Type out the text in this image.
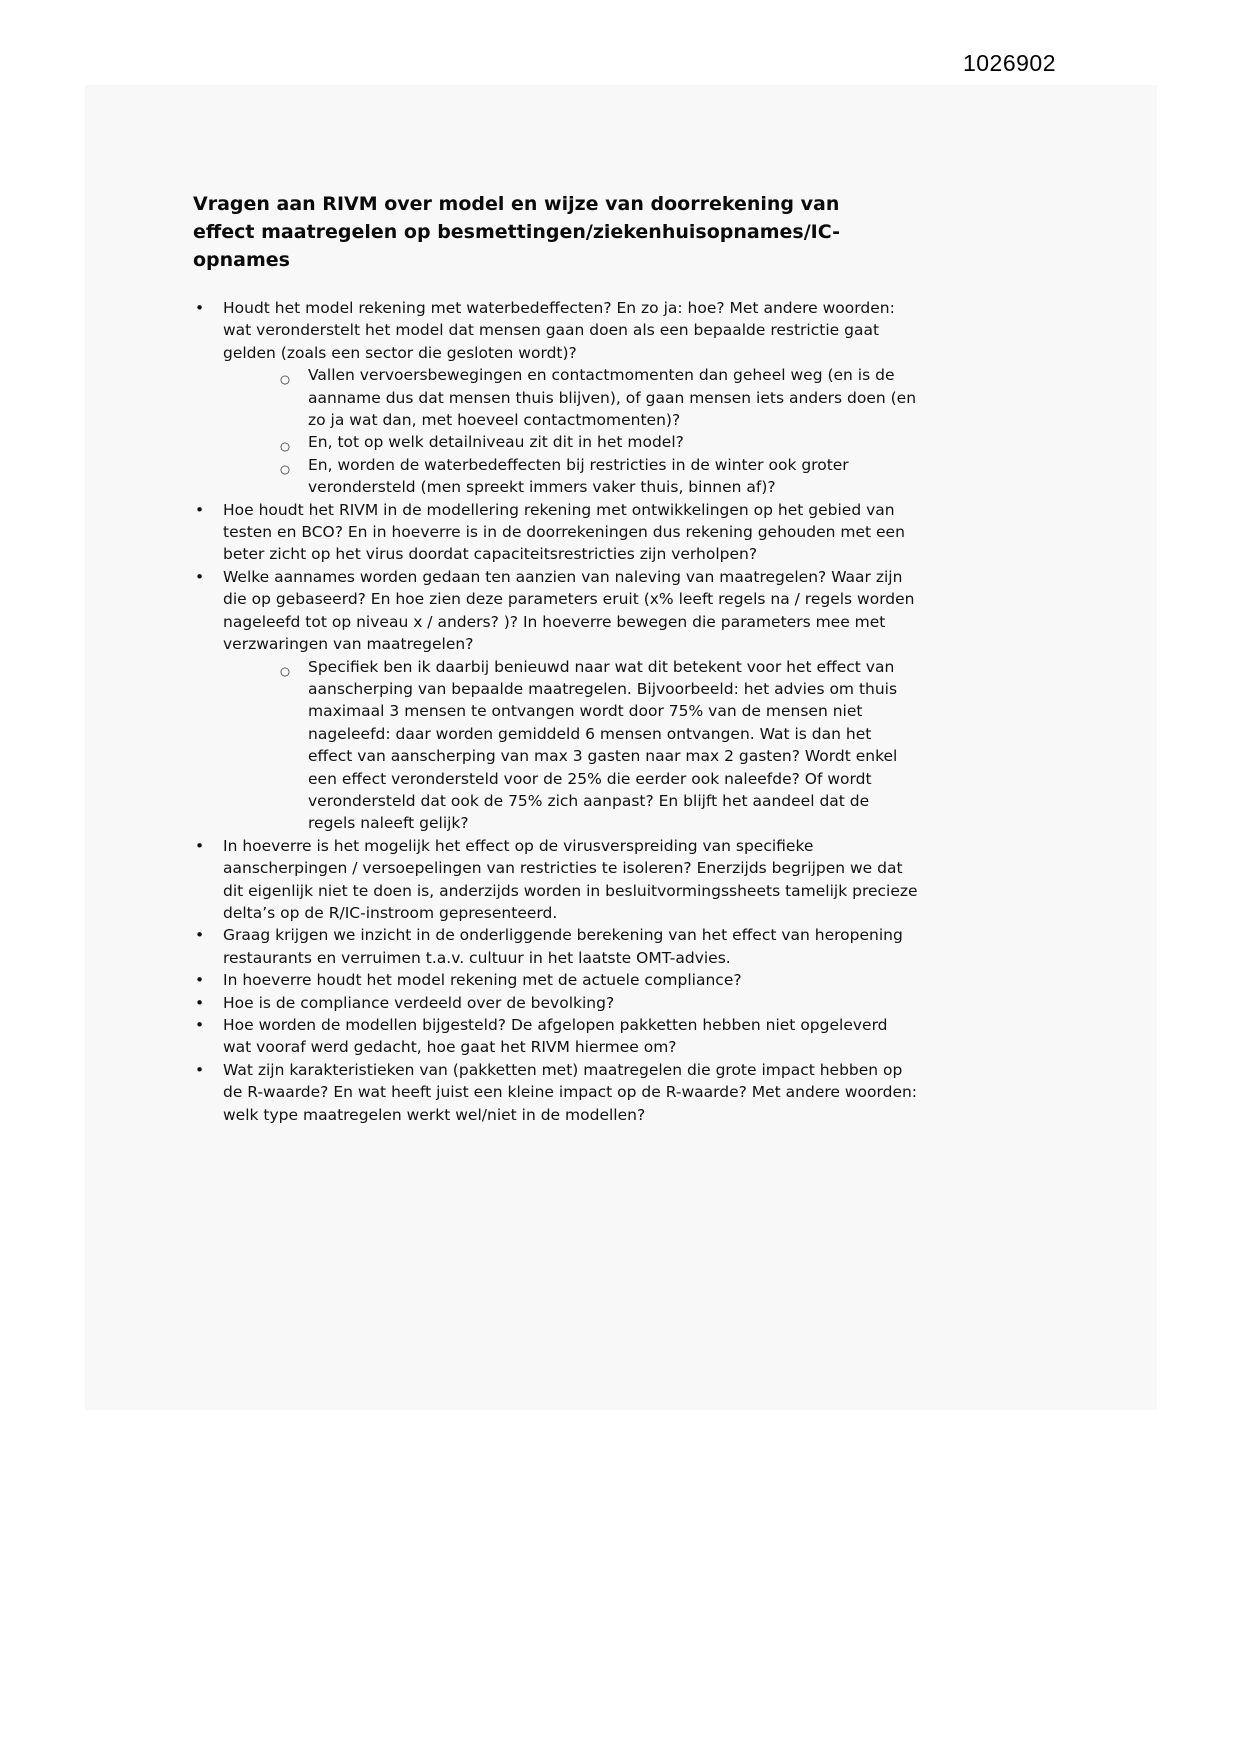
1026902
Vragen aan RIVM over model en wijze van doorrekening van effect maatregelen op besmettingen/ziekenhuisopnames/IC-opnames
• Houdt het model rekening met waterbedeffecten? En zo ja: hoe? Met andere woorden: wat veronderstelt het model dat mensen gaan doen als een bepaalde restrictie gaat gelden (zoals een sector die gesloten wordt)?
○ Vallen vervoersbewegingen en contactmomenten dan geheel weg (en is de aanname dus dat mensen thuis blijven), of gaan mensen iets anders doen (en zo ja wat dan, met hoeveel contactmomenten)?
○ En, tot op welk detailniveau zit dit in het model?
○ En, worden de waterbedeffecten bij restricties in de winter ook groter verondersteld (men spreekt immers vaker thuis, binnen af)?
• Hoe houdt het RIVM in de modellering rekening met ontwikkelingen op het gebied van testen en BCO? En in hoeverre is in de doorrekeningen dus rekening gehouden met een beter zicht op het virus doordat capaciteitsrestricties zijn verholpen?
• Welke aannames worden gedaan ten aanzien van naleving van maatregelen? Waar zijn die op gebaseerd? En hoe zien deze parameters eruit (x% leeft regels na / regels worden nageleefd tot op niveau x / anders? )? In hoeverre bewegen die parameters mee met verzwaringen van maatregelen?
○ Specifiek ben ik daarbij benieuwd naar wat dit betekent voor het effect van aanscherping van bepaalde maatregelen. Bijvoorbeeld: het advies om thuis maximaal 3 mensen te ontvangen wordt door 75% van de mensen niet nageleefd: daar worden gemiddeld 6 mensen ontvangen. Wat is dan het effect van aanscherping van max 3 gasten naar max 2 gasten? Wordt enkel een effect verondersteld voor de 25% die eerder ook naleefde? Of wordt verondersteld dat ook de 75% zich aanpast? En blijft het aandeel dat de regels naleeft gelijk?
• In hoeverre is het mogelijk het effect op de virusverspreiding van specifieke aanscherpingen / versoepelingen van restricties te isoleren? Enerzijds begrijpen we dat dit eigenlijk niet te doen is, anderzijds worden in besluitvormingssheets tamelijk precieze delta’s op de R/IC-instroom gepresenteerd.
• Graag krijgen we inzicht in de onderliggende berekening van het effect van heropening restaurants en verruimen t.a.v. cultuur in het laatste OMT-advies.
• In hoeverre houdt het model rekening met de actuele compliance?
• Hoe is de compliance verdeeld over de bevolking?
• Hoe worden de modellen bijgesteld? De afgelopen pakketten hebben niet opgeleverd wat vooraf werd gedacht, hoe gaat het RIVM hiermee om?
• Wat zijn karakteristieken van (pakketten met) maatregelen die grote impact hebben op de R-waarde? En wat heeft juist een kleine impact op de R-waarde? Met andere woorden: welk type maatregelen werkt wel/niet in de modellen?
